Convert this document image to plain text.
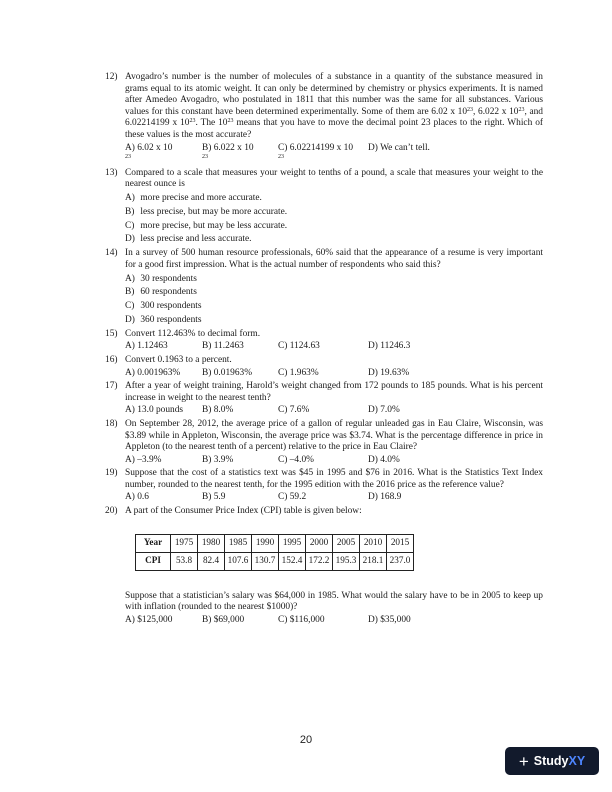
12) Avogadro’s number is the number of molecules of a substance in a quantity of the substance measured in grams equal to its atomic weight. It can only be determined by chemistry or physics experiments. It is named after Amedeo Avogadro, who postulated in 1811 that this number was the same for all substances. Various values for this constant have been determined experimentally. Some of them are 6.02 x $10^{23}$, 6.022 x $10^{23}$, and 6.02214199 x $10^{23}$. The $10^{23}$ means that you have to move the decimal point 23 places to the right. Which of these values is the most accurate?
A) 6.02 x 10
$^{23}$
B) 6.022 x 10
$^{23}$
C) 6.02214199 x 10
$^{23}$
D) We can’t tell.
13) Compared to a scale that measures your weight to tenths of a pound, a scale that measures your weight to the nearest ounce is
A) more precise and more accurate.
B) less precise, but may be more accurate.
C) more precise, but may be less accurate.
D) less precise and less accurate.
14) In a survey of 500 human resource professionals, 60% said that the appearance of a resume is very important for a good first impression. What is the actual number of respondents who said this?
A) 30 respondents
B) 60 respondents
C) 300 respondents
D) 360 respondents
15) Convert 112.463% to decimal form.
A) 1.12463	B) 11.2463	C) 1124.63	D) 11246.3
16) Convert 0.1963 to a percent.
A) 0.001963%	B) 0.01963%	C) 1.963%	D) 19.63%
17) After a year of weight training, Harold’s weight changed from 172 pounds to 185 pounds. What is his percent increase in weight to the nearest tenth?
A) 13.0 pounds	B) 8.0%	C) 7.6%	D) 7.0%
18) On September 28, 2012, the average price of a gallon of regular unleaded gas in Eau Claire, Wisconsin, was $3.89 while in Appleton, Wisconsin, the average price was $3.74. What is the percentage difference in price in Appleton (to the nearest tenth of a percent) relative to the price in Eau Claire?
A) –3.9%	B) 3.9%	C) –4.0%	D) 4.0%
19) Suppose that the cost of a statistics text was $45 in 1995 and $76 in 2016. What is the Statistics Text Index number, rounded to the nearest tenth, for the 1995 edition with the 2016 price as the reference value?
A) 0.6	B) 5.9	C) 59.2	D) 168.9
20) A part of the Consumer Price Index (CPI) table is given below:
Year	1975	1980	1985	1990	1995	2000	2005	2010	2015
CPI	53.8	82.4	107.6	130.7	152.4	172.2	195.3	218.1	237.0
Suppose that a statistician’s salary was $64,000 in 1985. What would the salary have to be in 2005 to keep up with inflation (rounded to the nearest $1000)?
A) $125,000	B) $69,000	C) $116,000	D) $35,000
20
+ Study XY
